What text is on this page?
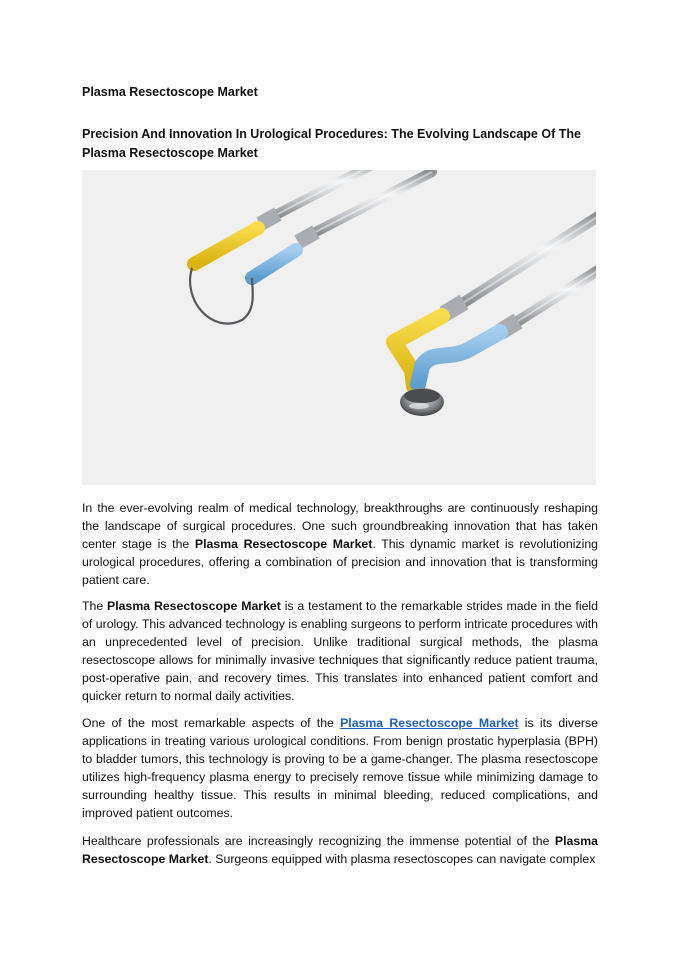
Plasma Resectoscope Market
Precision And Innovation In Urological Procedures: The Evolving Landscape Of The Plasma Resectoscope Market

In the ever-evolving realm of medical technology, breakthroughs are continuously reshaping the landscape of surgical procedures. One such groundbreaking innovation that has taken center stage is the Plasma Resectoscope Market. This dynamic market is revolutionizing urological procedures, offering a combination of precision and innovation that is transforming patient care.

The Plasma Resectoscope Market is a testament to the remarkable strides made in the field of urology. This advanced technology is enabling surgeons to perform intricate procedures with an unprecedented level of precision. Unlike traditional surgical methods, the plasma resectoscope allows for minimally invasive techniques that significantly reduce patient trauma, post-operative pain, and recovery times. This translates into enhanced patient comfort and quicker return to normal daily activities.

One of the most remarkable aspects of the Plasma Resectoscope Market is its diverse applications in treating various urological conditions. From benign prostatic hyperplasia (BPH) to bladder tumors, this technology is proving to be a game-changer. The plasma resectoscope utilizes high-frequency plasma energy to precisely remove tissue while minimizing damage to surrounding healthy tissue. This results in minimal bleeding, reduced complications, and improved patient outcomes.

Healthcare professionals are increasingly recognizing the immense potential of the Plasma Resectoscope Market. Surgeons equipped with plasma resectoscopes can navigate complex
